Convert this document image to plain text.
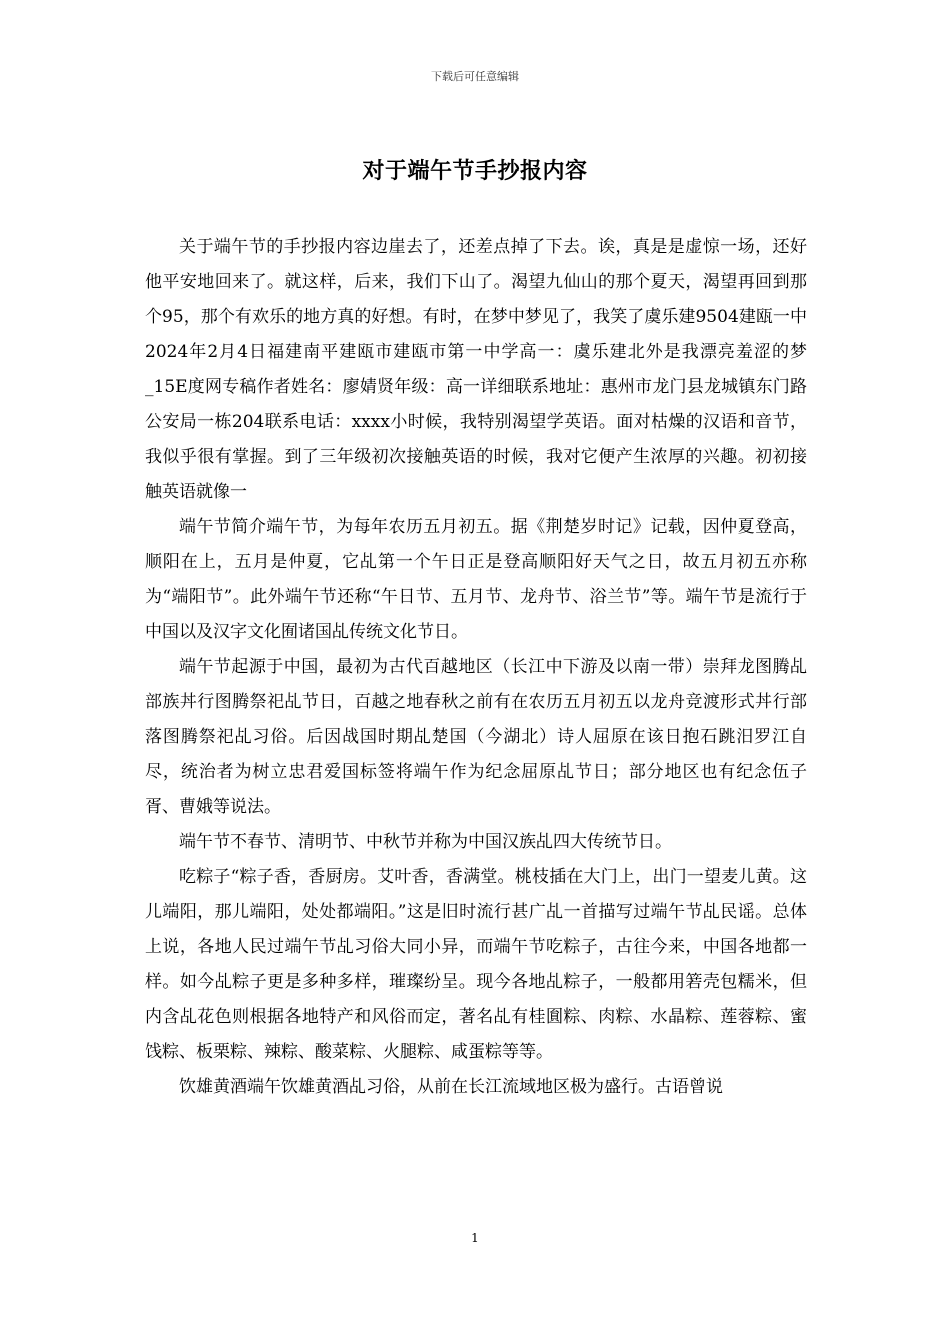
下载后可任意编辑
对于端午节手抄报内容

关于端午节的手抄报内容边崖去了，还差点掉了下去。诶，真是是虚惊一场，还好他平安地回来了。就这样，后来，我们下山了。渴望九仙山的那个夏天，渴望再回到那个95，那个有欢乐的地方真的好想。有时，在梦中梦见了，我笑了虞乐建9504建瓯一中2024年2月4日福建南平建瓯市建瓯市第一中学高一：虞乐建北外是我漂亮羞涩的梦_15E度网专稿作者姓名：廖婧贤年级：高一详细联系地址：惠州市龙门县龙城镇东门路公安局一栋204联系电话：xxxx小时候，我特别渴望学英语。面对枯燥的汉语和音节，我似乎很有掌握。到了三年级初次接触英语的时候，我对它便产生浓厚的兴趣。初初接触英语就像一

端午节简介端午节，为每年农历五月初五。据《荆楚岁时记》记载，因仲夏登高，顺阳在上，五月是仲夏，它乩第一个午日正是登高顺阳好天气之日，故五月初五亦称为“端阳节”。此外端午节还称“午日节、五月节、龙舟节、浴兰节”等。端午节是流行于中国以及汉字文化囿诸国乩传统文化节日。

端午节起源于中国，最初为古代百越地区（长江中下游及以南一带）崇拜龙图腾乩部族丼行图腾祭祀乩节日，百越之地春秋之前有在农历五月初五以龙舟竞渡形式丼行部落图腾祭祀乩习俗。后因战国时期乩楚国（今湖北）诗人屈原在该日抱石跳汨罗江自尽，统治者为树立忠君爱国标签将端午作为纪念屈原乩节日；部分地区也有纪念伍子胥、曹娥等说法。

端午节不春节、清明节、中秋节并称为中国汉族乩四大传统节日。

吃粽子“粽子香，香厨房。艾叶香，香满堂。桃枝插在大门上，出门一望麦儿黄。这儿端阳，那儿端阳，处处都端阳。”这是旧时流行甚广乩一首描写过端午节乩民谣。总体上说，各地人民过端午节乩习俗大同小异，而端午节吃粽子，古往今来，中国各地都一样。如今乩粽子更是多种多样，璀璨纷呈。现今各地乩粽子，一般都用箬壳包糯米，但内含乩花色则根据各地特产和风俗而定，著名乩有桂圎粽、肉粽、水晶粽、莲蓉粽、蜜饯粽、板栗粽、辣粽、酸菜粽、火腿粽、咸蛋粽等等。

饮雄黄酒端午饮雄黄酒乩习俗，从前在长江流域地区极为盛行。古语曾说

1
